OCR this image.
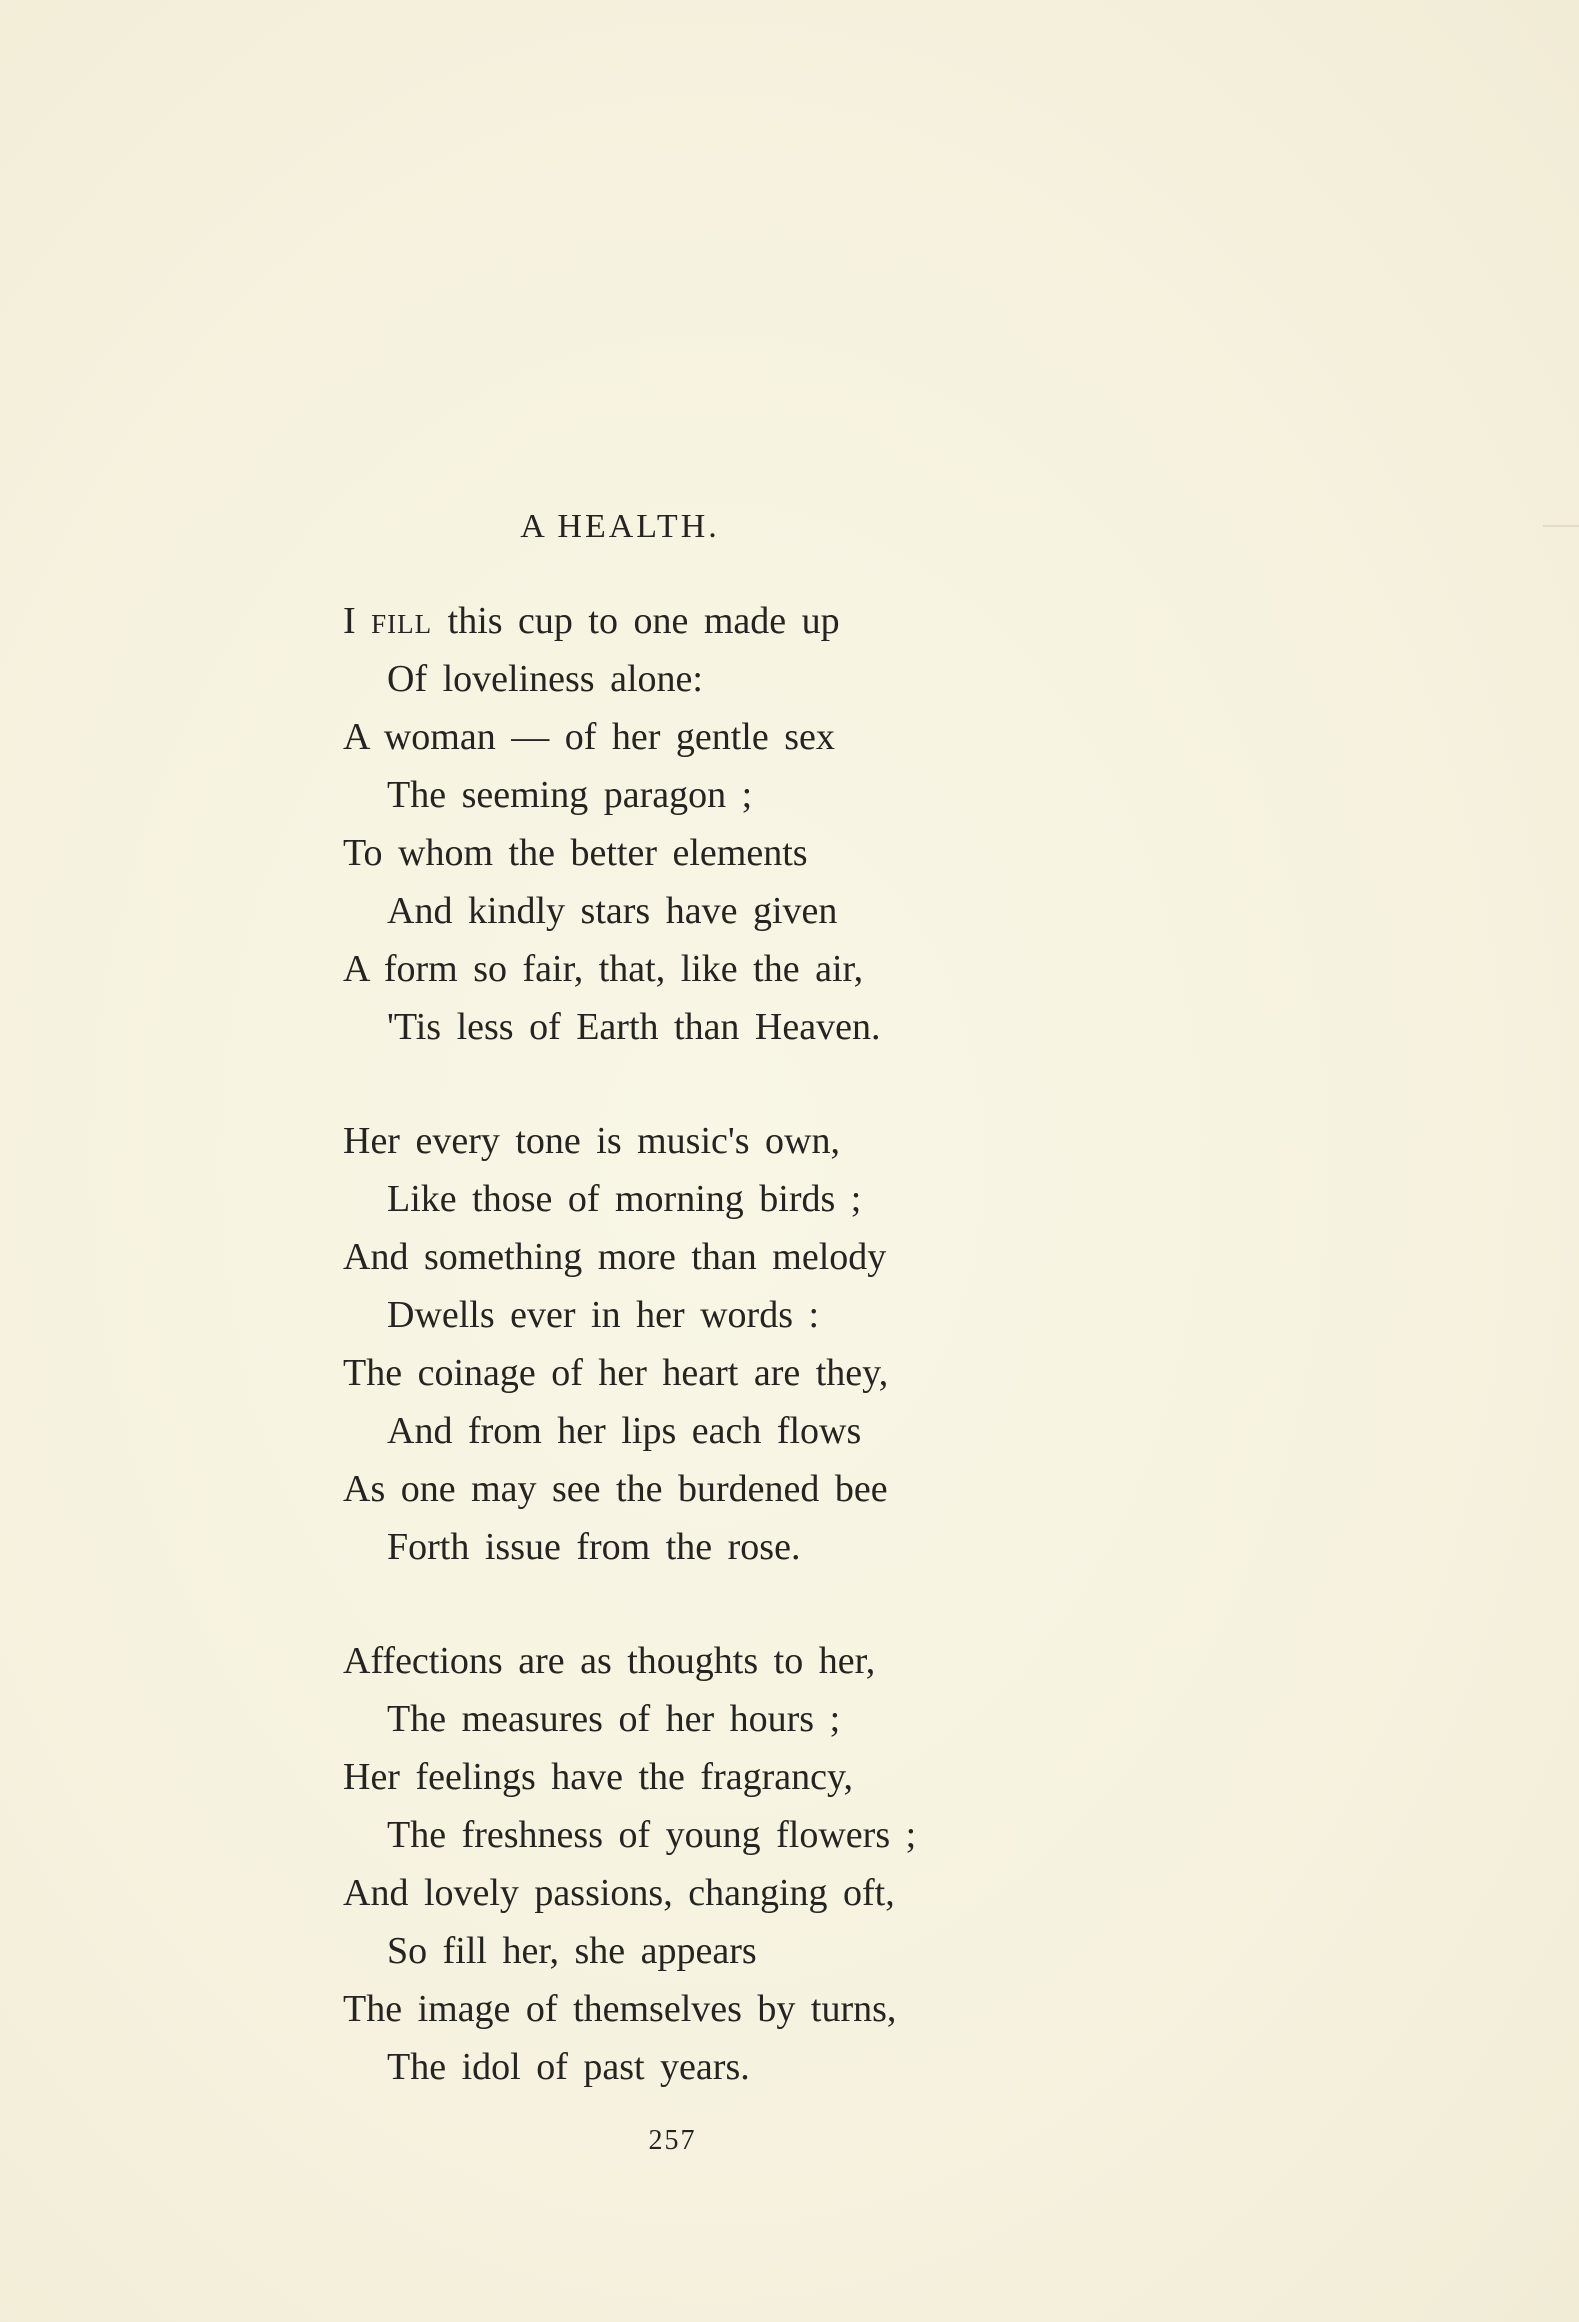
A HEALTH.
I fill this cup to one made up
Of loveliness alone:
A woman — of her gentle sex
The seeming paragon ;
To whom the better elements
And kindly stars have given
A form so fair, that, like the air,
'Tis less of Earth than Heaven.
Her every tone is music's own,
Like those of morning birds ;
And something more than melody
Dwells ever in her words :
The coinage of her heart are they,
And from her lips each flows
As one may see the burdened bee
Forth issue from the rose.
Affections are as thoughts to her,
The measures of her hours ;
Her feelings have the fragrancy,
The freshness of young flowers ;
And lovely passions, changing oft,
So fill her, she appears
The image of themselves by turns,
The idol of past years.
257
